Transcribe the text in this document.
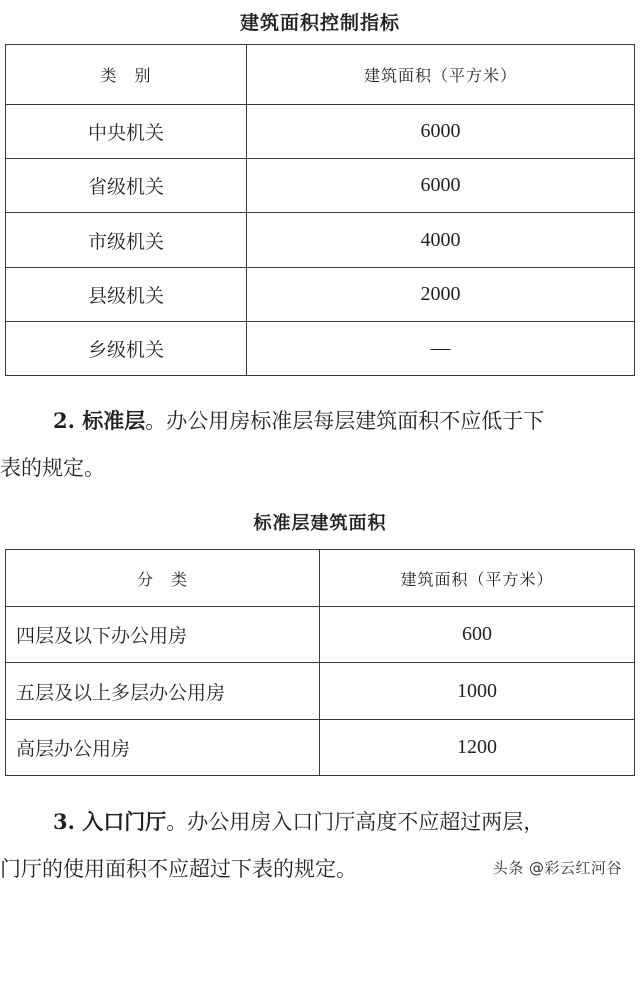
建筑面积控制指标
类　别	建筑面积（平方米）
中央机关	6000
省级机关	6000
市级机关	4000
县级机关	2000
乡级机关	—
2. 标准层。办公用房标准层每层建筑面积不应低于下
表的规定。
标准层建筑面积
分　类	建筑面积（平方米）
四层及以下办公用房	600
五层及以上多层办公用房	1000
高层办公用房	1200
3. 入口门厅。办公用房入口门厅高度不应超过两层，
门厅的使用面积不应超过下表的规定。	头条 @彩云红河谷
